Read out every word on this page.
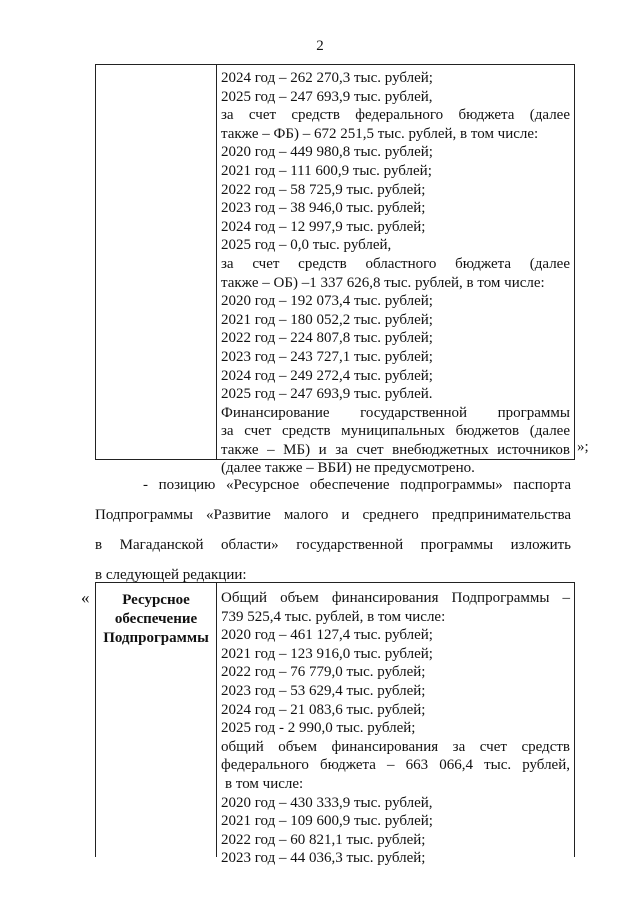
2
2024 год – 262 270,3 тыс. рублей;
2025 год – 247 693,9 тыс. рублей,
за счет средств федерального бюджета (далее
также – ФБ) – 672 251,5 тыс. рублей, в том числе:
2020 год – 449 980,8 тыс. рублей;
2021 год – 111 600,9 тыс. рублей;
2022 год – 58 725,9 тыс. рублей;
2023 год – 38 946,0 тыс. рублей;
2024 год – 12 997,9 тыс. рублей;
2025 год – 0,0 тыс. рублей,
за счет средств областного бюджета (далее
также – ОБ) –1 337 626,8 тыс. рублей, в том числе:
2020 год – 192 073,4 тыс. рублей;
2021 год – 180 052,2 тыс. рублей;
2022 год – 224 807,8 тыс. рублей;
2023 год – 243 727,1 тыс. рублей;
2024 год – 249 272,4 тыс. рублей;
2025 год – 247 693,9 тыс. рублей.
Финансирование государственной программы
за счет средств муниципальных бюджетов (далее
также – МБ) и за счет внебюджетных источников
(далее также – ВБИ) не предусмотрено.
»;
- позицию «Ресурсное обеспечение подпрограммы» паспорта
Подпрограммы «Развитие малого и среднего предпринимательства
в Магаданской области» государственной программы изложить
в следующей редакции:
«	Ресурсное
обеспечение
Подпрограммы
Общий объем финансирования Подпрограммы –
739 525,4 тыс. рублей, в том числе:
2020 год – 461 127,4 тыс. рублей;
2021 год – 123 916,0 тыс. рублей;
2022 год – 76 779,0 тыс. рублей;
2023 год – 53 629,4 тыс. рублей;
2024 год – 21 083,6 тыс. рублей;
2025 год - 2 990,0 тыс. рублей;
общий объем финансирования за счет средств
федерального бюджета – 663 066,4 тыс. рублей,
в том числе:
2020 год – 430 333,9 тыс. рублей,
2021 год – 109 600,9 тыс. рублей;
2022 год – 60 821,1 тыс. рублей;
2023 год – 44 036,3 тыс. рублей;
